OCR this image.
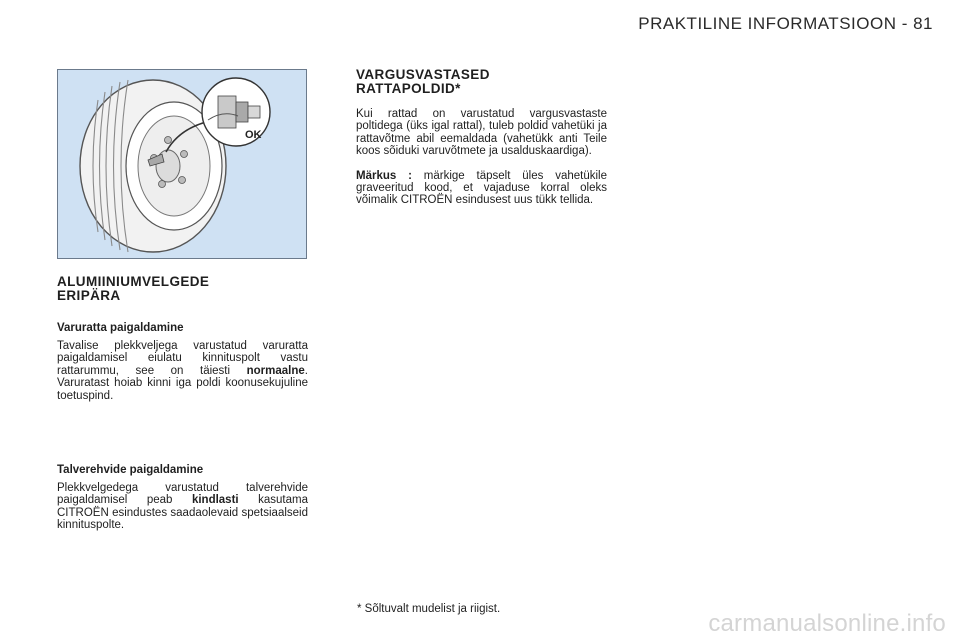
PRAKTILINE INFORMATSIOON - 81
OK
ALUMIINIUMVELGEDE
ERIPÄRA
Varuratta paigaldamine

Tavalise plekkveljega varustatud varuratta paigaldamisel eiulatu kinnituspolt vastu rattarummu, see on täiesti normaalne. Varuratast hoiab kinni iga poldi koonusekujuline toetuspind.

Talverehvide paigaldamine

Plekkvelgedega varustatud talverehvide paigaldamisel peab kindlasti kasutama CITROËN esindustes saadaolevaid spetsiaalseid kinnituspolte.

VARGUSVASTASED
RATTAPOLDID*

Kui rattad on varustatud vargusvastaste poltidega (üks igal rattal), tuleb poldid vahetüki ja rattavõtme abil eemaldada (vahetükk anti Teile koos sõiduki varuvõtmete ja usalduskaardiga).

Märkus : märkige täpselt üles vahetükile graveeritud kood, et vajaduse korral oleks võimalik CITROËN esindusest uus tükk tellida.

* Sõltuvalt mudelist ja riigist.
carmanualsonline.info
